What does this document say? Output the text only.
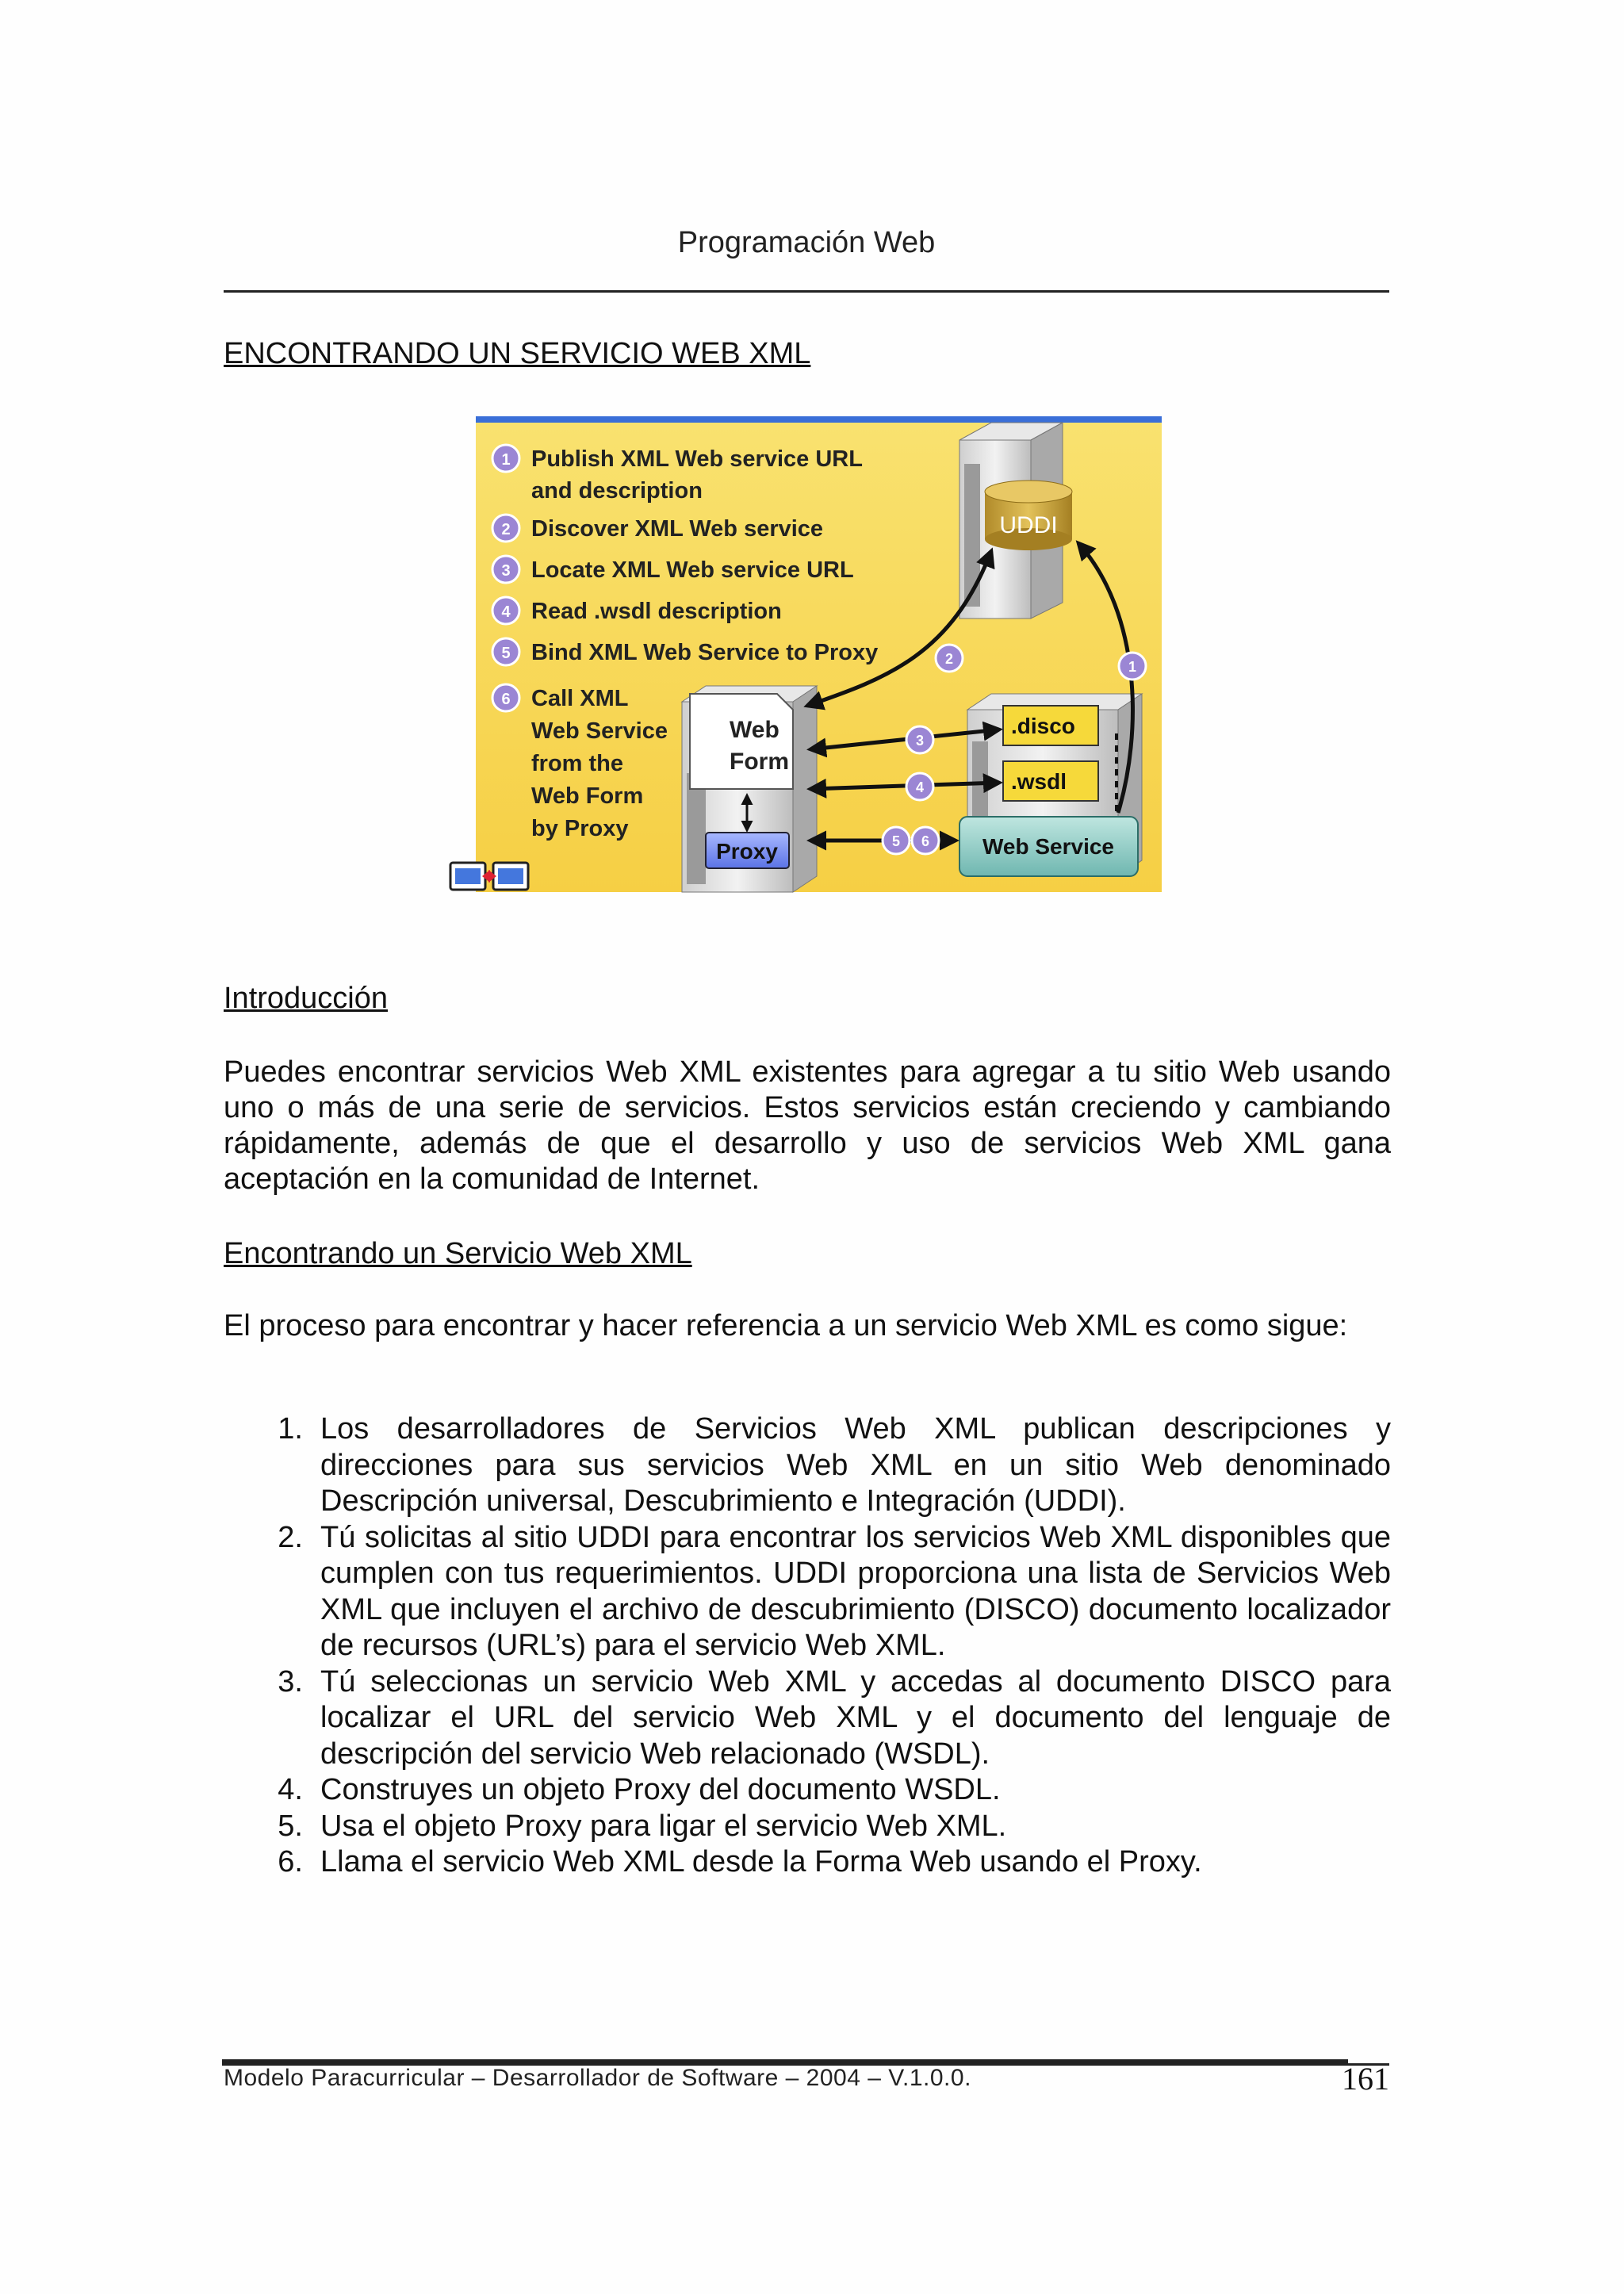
Programación Web
ENCONTRANDO UN SERVICIO WEB XML
1 Publish XML Web service URL
and description
2 Discover XML Web service
3 Locate XML Web service URL
4 Read .wsdl description
5 Bind XML Web Service to Proxy
6 Call XML
Web Service
from the
Web Form
by Proxy
UDDI
Web
Form
Proxy
.disco
.wsdl
Web Service
2	1
3
4
5 6
Introducción
Puedes encontrar servicios Web XML existentes para agregar a tu sitio Web usando uno o más de una serie de servicios. Estos servicios están creciendo y cambiando rápidamente, además de que el desarrollo y uso de servicios Web XML gana aceptación en la comunidad de Internet.
Encontrando un Servicio Web XML
El proceso para encontrar y hacer referencia a un servicio Web XML es como sigue:
1. Los desarrolladores de Servicios Web XML publican descripciones y direcciones para sus servicios Web XML en un sitio Web denominado Descripción universal, Descubrimiento e Integración (UDDI).
2. Tú solicitas al sitio UDDI para encontrar los servicios Web XML disponibles que cumplen con tus requerimientos. UDDI proporciona una lista de Servicios Web XML que incluyen el archivo de descubrimiento (DISCO) documento localizador de recursos (URL’s) para el servicio Web XML.
3. Tú seleccionas un servicio Web XML y accedas al documento DISCO para localizar el URL del servicio Web XML y el documento del lenguaje de descripción del servicio Web relacionado (WSDL).
4. Construyes un objeto Proxy del documento WSDL.
5. Usa el objeto Proxy para ligar el servicio Web XML.
6. Llama el servicio Web XML desde la Forma Web usando el Proxy.
Modelo Paracurricular – Desarrollador de Software – 2004 – V.1.0.0.	161
